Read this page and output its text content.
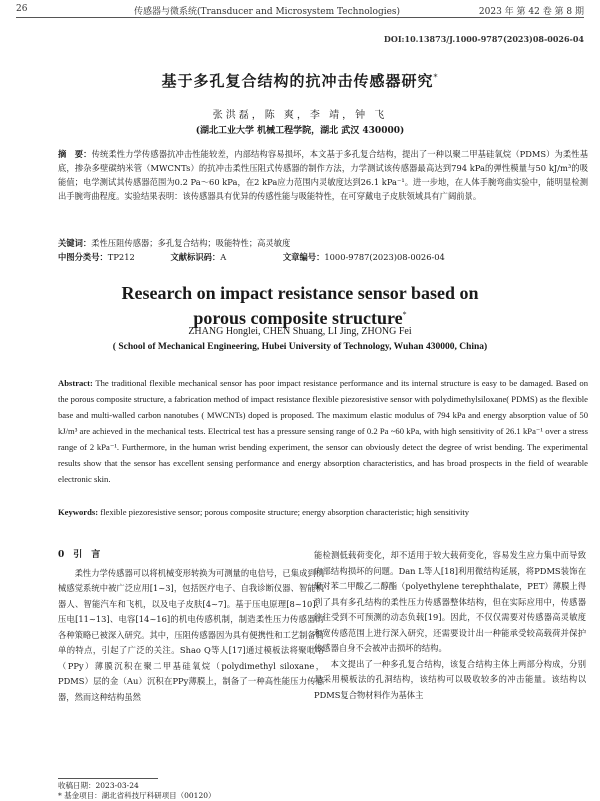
26	传感器与微系统(Transducer and Microsystem Technologies)	2023 年 第 42 卷 第 8 期
DOI:10.13873/J.1000-9787(2023)08-0026-04
基于多孔复合结构的抗冲击传感器研究*
张洪磊，陈 爽，李 靖，钟 飞
(湖北工业大学 机械工程学院，湖北 武汉 430000)
摘　要：传统柔性力学传感器抗冲击性能较差，内部结构容易损坏，本文基于多孔复合结构，提出了一种以聚二甲基硅氧烷（PDMS）为柔性基底，掺杂多壁碳纳米管（MWCNTs）的抗冲击柔性压阻式传感器的制作方法，力学测试该传感器最高达到794 kPa的弹性模量与50 kJ/m³的吸能值；电学测试其传感器范围为0.2 Pa～60 kPa，在2 kPa应力范围内灵敏度达到26.1 kPa⁻¹。进一步地，在人体手腕弯曲实验中，能明显检测出手腕弯曲程度。实验结果表明：该传感器具有优异的传感性能与吸能特性，在可穿戴电子皮肤领域具有广阔前景。
关键词：柔性压阻传感器；多孔复合结构；吸能特性；高灵敏度
中图分类号：TP212	文献标识码：A	文章编号：1000-9787(2023)08-0026-04
Research on impact resistance sensor based on
porous composite structure*
ZHANG Honglei, CHEN Shuang, LI Jing, ZHONG Fei
( School of Mechanical Engineering, Hubei University of Technology, Wuhan 430000, China)
Abstract: The traditional flexible mechanical sensor has poor impact resistance performance and its internal structure is easy to be damaged. Based on the porous composite structure, a fabrication method of impact resistance flexible piezoresistive sensor with polydimethylsiloxane( PDMS) as the flexible base and multi-walled carbon nanotubes ( MWCNTs) doped is proposed. The maximum elastic modulus of 794 kPa and energy absorption value of 50 kJ/m³ are achieved in the mechanical tests. Electrical test has a pressure sensing range of 0.2 Pa ~60 kPa, with high sensitivity of 26.1 kPa⁻¹ over a stress range of 2 kPa⁻¹. Furthermore, in the human wrist bending experiment, the sensor can obviously detect the degree of wrist bending. The experimental results show that the sensor has excellent sensing performance and energy absorption characteristics, and has broad prospects in the field of wearable electronic skin.
Keywords: flexible piezoresistive sensor; porous composite structure; energy absorption characteristic; high sensitivity
0　引　言

柔性力学传感器可以将机械变形转换为可测量的电信号，已集成到机械感觉系统中被广泛应用[1~3]，包括医疗电子、自我诊断仪器、智能机器人、智能汽车和飞机，以及电子皮肤[4~7]。基于压电原理[8~10]、压电[11~13]、电容[14~16]的机电传感机制，制造柔性压力传感器的各种策略已被深入研究。其中，压阻传感器因为具有便携性和工艺制备简单的特点，引起了广泛的关注。Shao Q等人[17]通过模板法将聚吡咯（PPy）薄膜沉积在聚二甲基硅氧烷（polydimethyl siloxane，PDMS）层的金（Au）沉积在PPy薄膜上，制备了一种高性能压力传感器，然而这种结构虽然

能检测低载荷变化，却不适用于较大载荷变化，容易发生应力集中而导致内部结构损坏的问题。Dan L等人[18]利用微结构延展，将PDMS装饰在聚对苯二甲酸乙二醇酯（polyethylene terephthalate，PET）薄膜上得到了具有多孔结构的柔性压力传感器整体结构，但在实际应用中，传感器往往受到不可预测的动态负载[19]。因此，不仅仅需要对传感器高灵敏度和宽传感范围上进行深入研究，还需要设计出一种能承受较高载荷并保护传感器自身不会被冲击损坏的结构。

本文提出了一种多孔复合结构，该复合结构主体上两部分构成，分别是采用模板法的孔洞结构，该结构可以吸收较多的冲击能量。该结构以PDMS复合物材料作为基体主

收稿日期：2023-03-24
* 基金项目：湖北省科技厅科研项目（00120）
